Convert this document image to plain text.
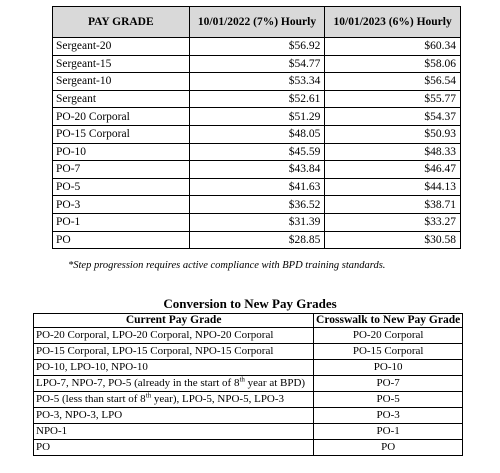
PAY GRADE	10/01/2022 (7%) Hourly	10/01/2023 (6%) Hourly
Sergeant-20	$56.92	$60.34
Sergeant-15	$54.77	$58.06
Sergeant-10	$53.34	$56.54
Sergeant	$52.61	$55.77
PO-20 Corporal	$51.29	$54.37
PO-15 Corporal	$48.05	$50.93
PO-10	$45.59	$48.33
PO-7	$43.84	$46.47
PO-5	$41.63	$44.13
PO-3	$36.52	$38.71
PO-1	$31.39	$33.27
PO	$28.85	$30.58
*Step progression requires active compliance with BPD training standards.
Conversion to New Pay Grades
Current Pay Grade	Crosswalk to New Pay Grade
PO-20 Corporal, LPO-20 Corporal, NPO-20 Corporal	PO-20 Corporal
PO-15 Corporal, LPO-15 Corporal, NPO-15 Corporal	PO-15 Corporal
PO-10, LPO-10, NPO-10	PO-10
LPO-7, NPO-7, PO-5 (already in the start of 8th year at BPD)	PO-7
PO-5 (less than start of 8th year), LPO-5, NPO-5, LPO-3	PO-5
PO-3, NPO-3, LPO	PO-3
NPO-1	PO-1
PO	PO
